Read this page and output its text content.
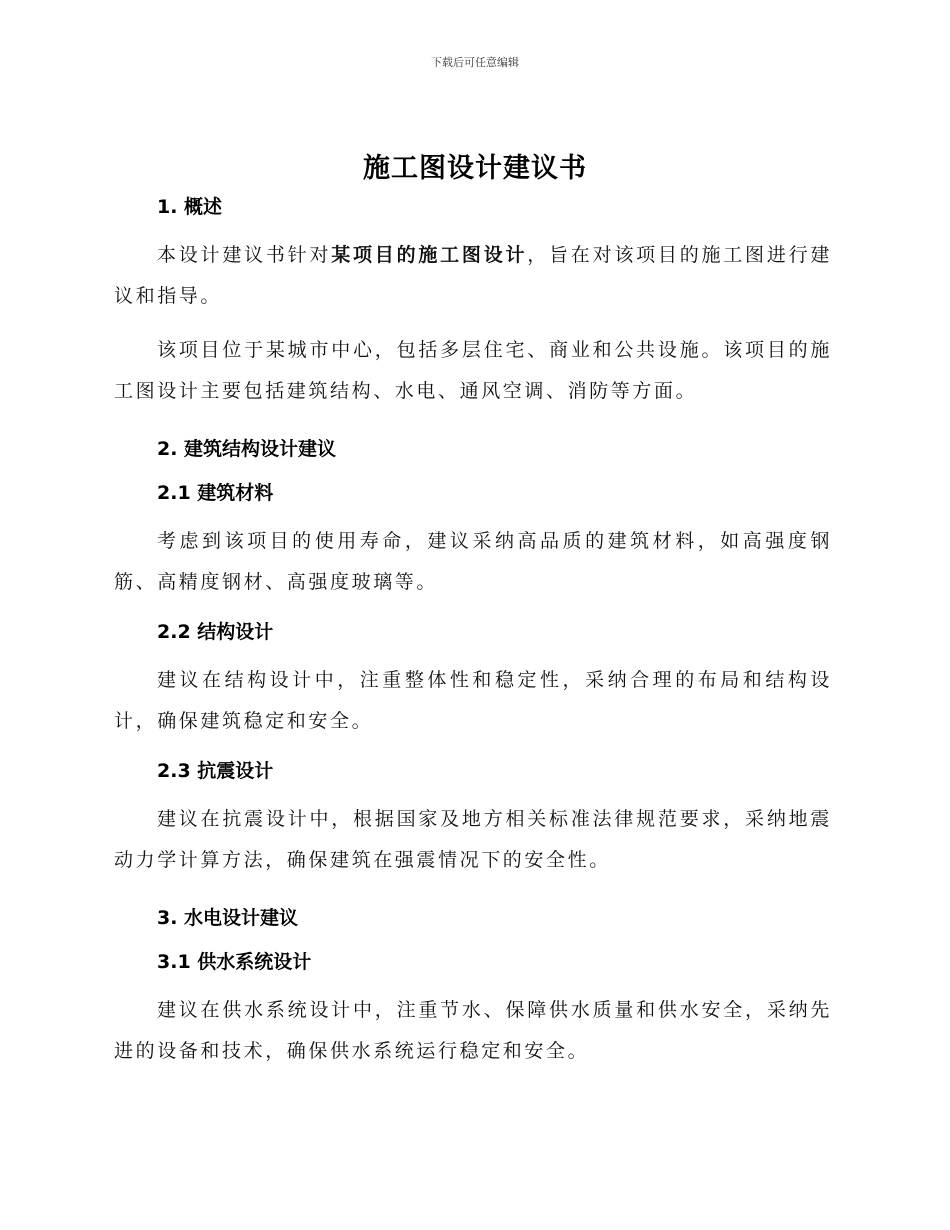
下载后可任意编辑
施工图设计建议书
1. 概述

本设计建议书针对某项目的施工图设计，旨在对该项目的施工图进行建议和指导。

该项目位于某城市中心，包括多层住宅、商业和公共设施。该项目的施工图设计主要包括建筑结构、水电、通风空调、消防等方面。

2. 建筑结构设计建议
2.1 建筑材料

考虑到该项目的使用寿命，建议采纳高品质的建筑材料，如高强度钢筋、高精度钢材、高强度玻璃等。

2.2 结构设计

建议在结构设计中，注重整体性和稳定性，采纳合理的布局和结构设计，确保建筑稳定和安全。

2.3 抗震设计

建议在抗震设计中，根据国家及地方相关标准法律规范要求，采纳地震动力学计算方法，确保建筑在强震情况下的安全性。

3. 水电设计建议
3.1 供水系统设计

建议在供水系统设计中，注重节水、保障供水质量和供水安全，采纳先进的设备和技术，确保供水系统运行稳定和安全。
